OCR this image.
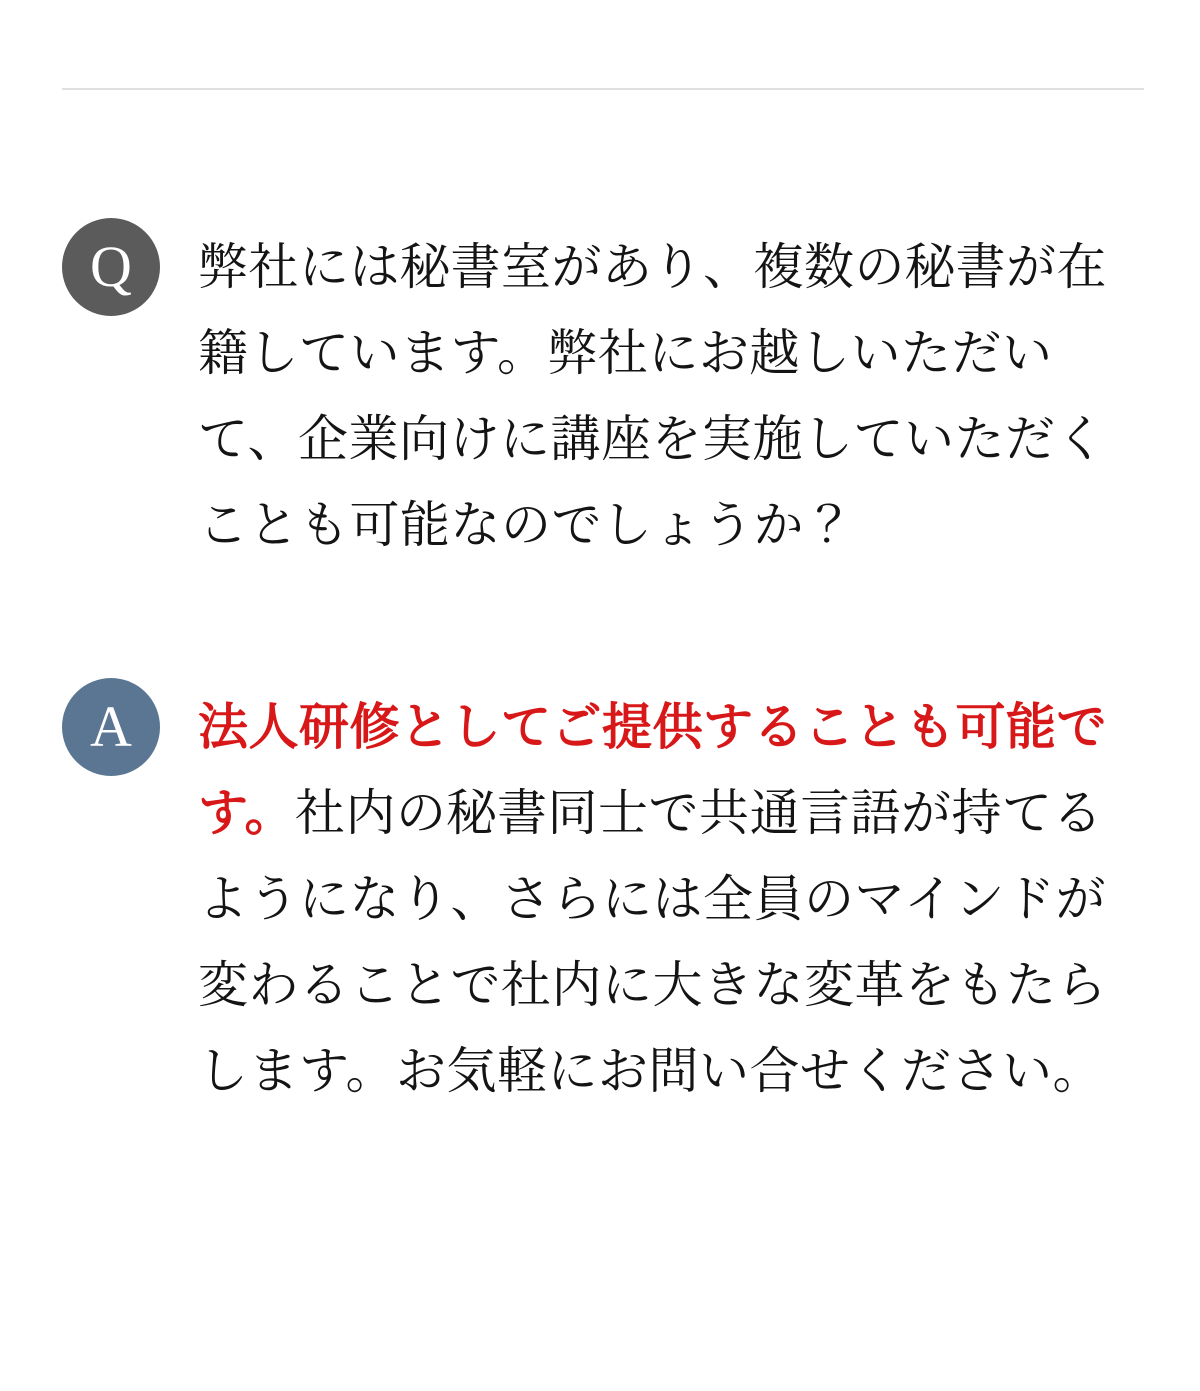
Q	弊社には秘書室があり、複数の秘書が在籍しています。弊社にお越しいただいて、企業向けに講座を実施していただくことも可能なのでしょうか？
A	法人研修としてご提供することも可能です。社内の秘書同士で共通言語が持てるようになり、さらには全員のマインドが変わることで社内に大きな変革をもたらします。お気軽にお問い合せください。
